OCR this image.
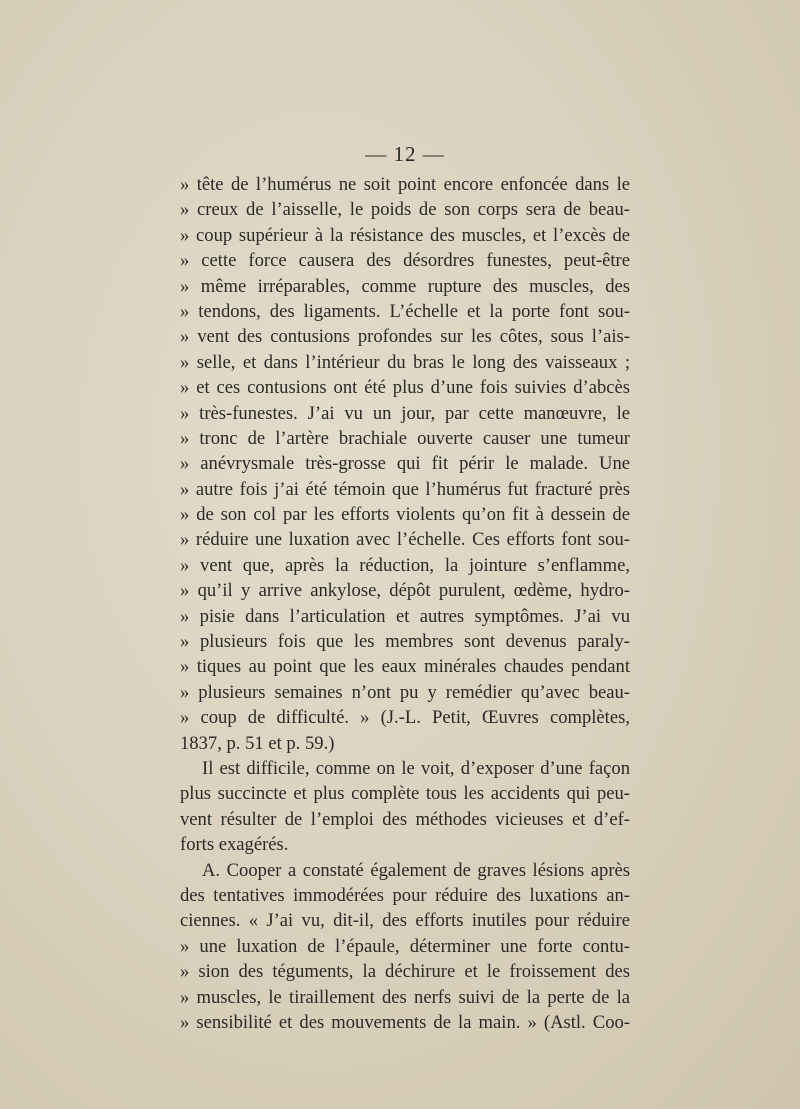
— 12 —
» tête de l’humérus ne soit point encore enfoncée dans le
» creux de l’aisselle, le poids de son corps sera de beau-
» coup supérieur à la résistance des muscles, et l’excès de
» cette force causera des désordres funestes, peut-être
» même irréparables, comme rupture des muscles, des
» tendons, des ligaments. L’échelle et la porte font sou-
» vent des contusions profondes sur les côtes, sous l’ais-
» selle, et dans l’intérieur du bras le long des vaisseaux ;
» et ces contusions ont été plus d’une fois suivies d’abcès
» très-funestes. J’ai vu un jour, par cette manœuvre, le
» tronc de l’artère brachiale ouverte causer une tumeur
» anévrysmale très-grosse qui fit périr le malade. Une
» autre fois j’ai été témoin que l’humérus fut fracturé près
» de son col par les efforts violents qu’on fit à dessein de
» réduire une luxation avec l’échelle. Ces efforts font sou-
» vent que, après la réduction, la jointure s’enflamme,
» qu’il y arrive ankylose, dépôt purulent, œdème, hydro-
» pisie dans l’articulation et autres symptômes. J’ai vu
» plusieurs fois que les membres sont devenus paraly-
» tiques au point que les eaux minérales chaudes pendant
» plusieurs semaines n’ont pu y remédier qu’avec beau-
» coup de difficulté. » (J.-L. Petit, Œuvres complètes,
1837, p. 51 et p. 59.)
Il est difficile, comme on le voit, d’exposer d’une façon
plus succincte et plus complète tous les accidents qui peu-
vent résulter de l’emploi des méthodes vicieuses et d’ef-
forts exagérés.
A. Cooper a constaté également de graves lésions après
des tentatives immodérées pour réduire des luxations an-
ciennes. « J’ai vu, dit-il, des efforts inutiles pour réduire
» une luxation de l’épaule, déterminer une forte contu-
» sion des téguments, la déchirure et le froissement des
» muscles, le tiraillement des nerfs suivi de la perte de la
» sensibilité et des mouvements de la main. » (Astl. Coo-
